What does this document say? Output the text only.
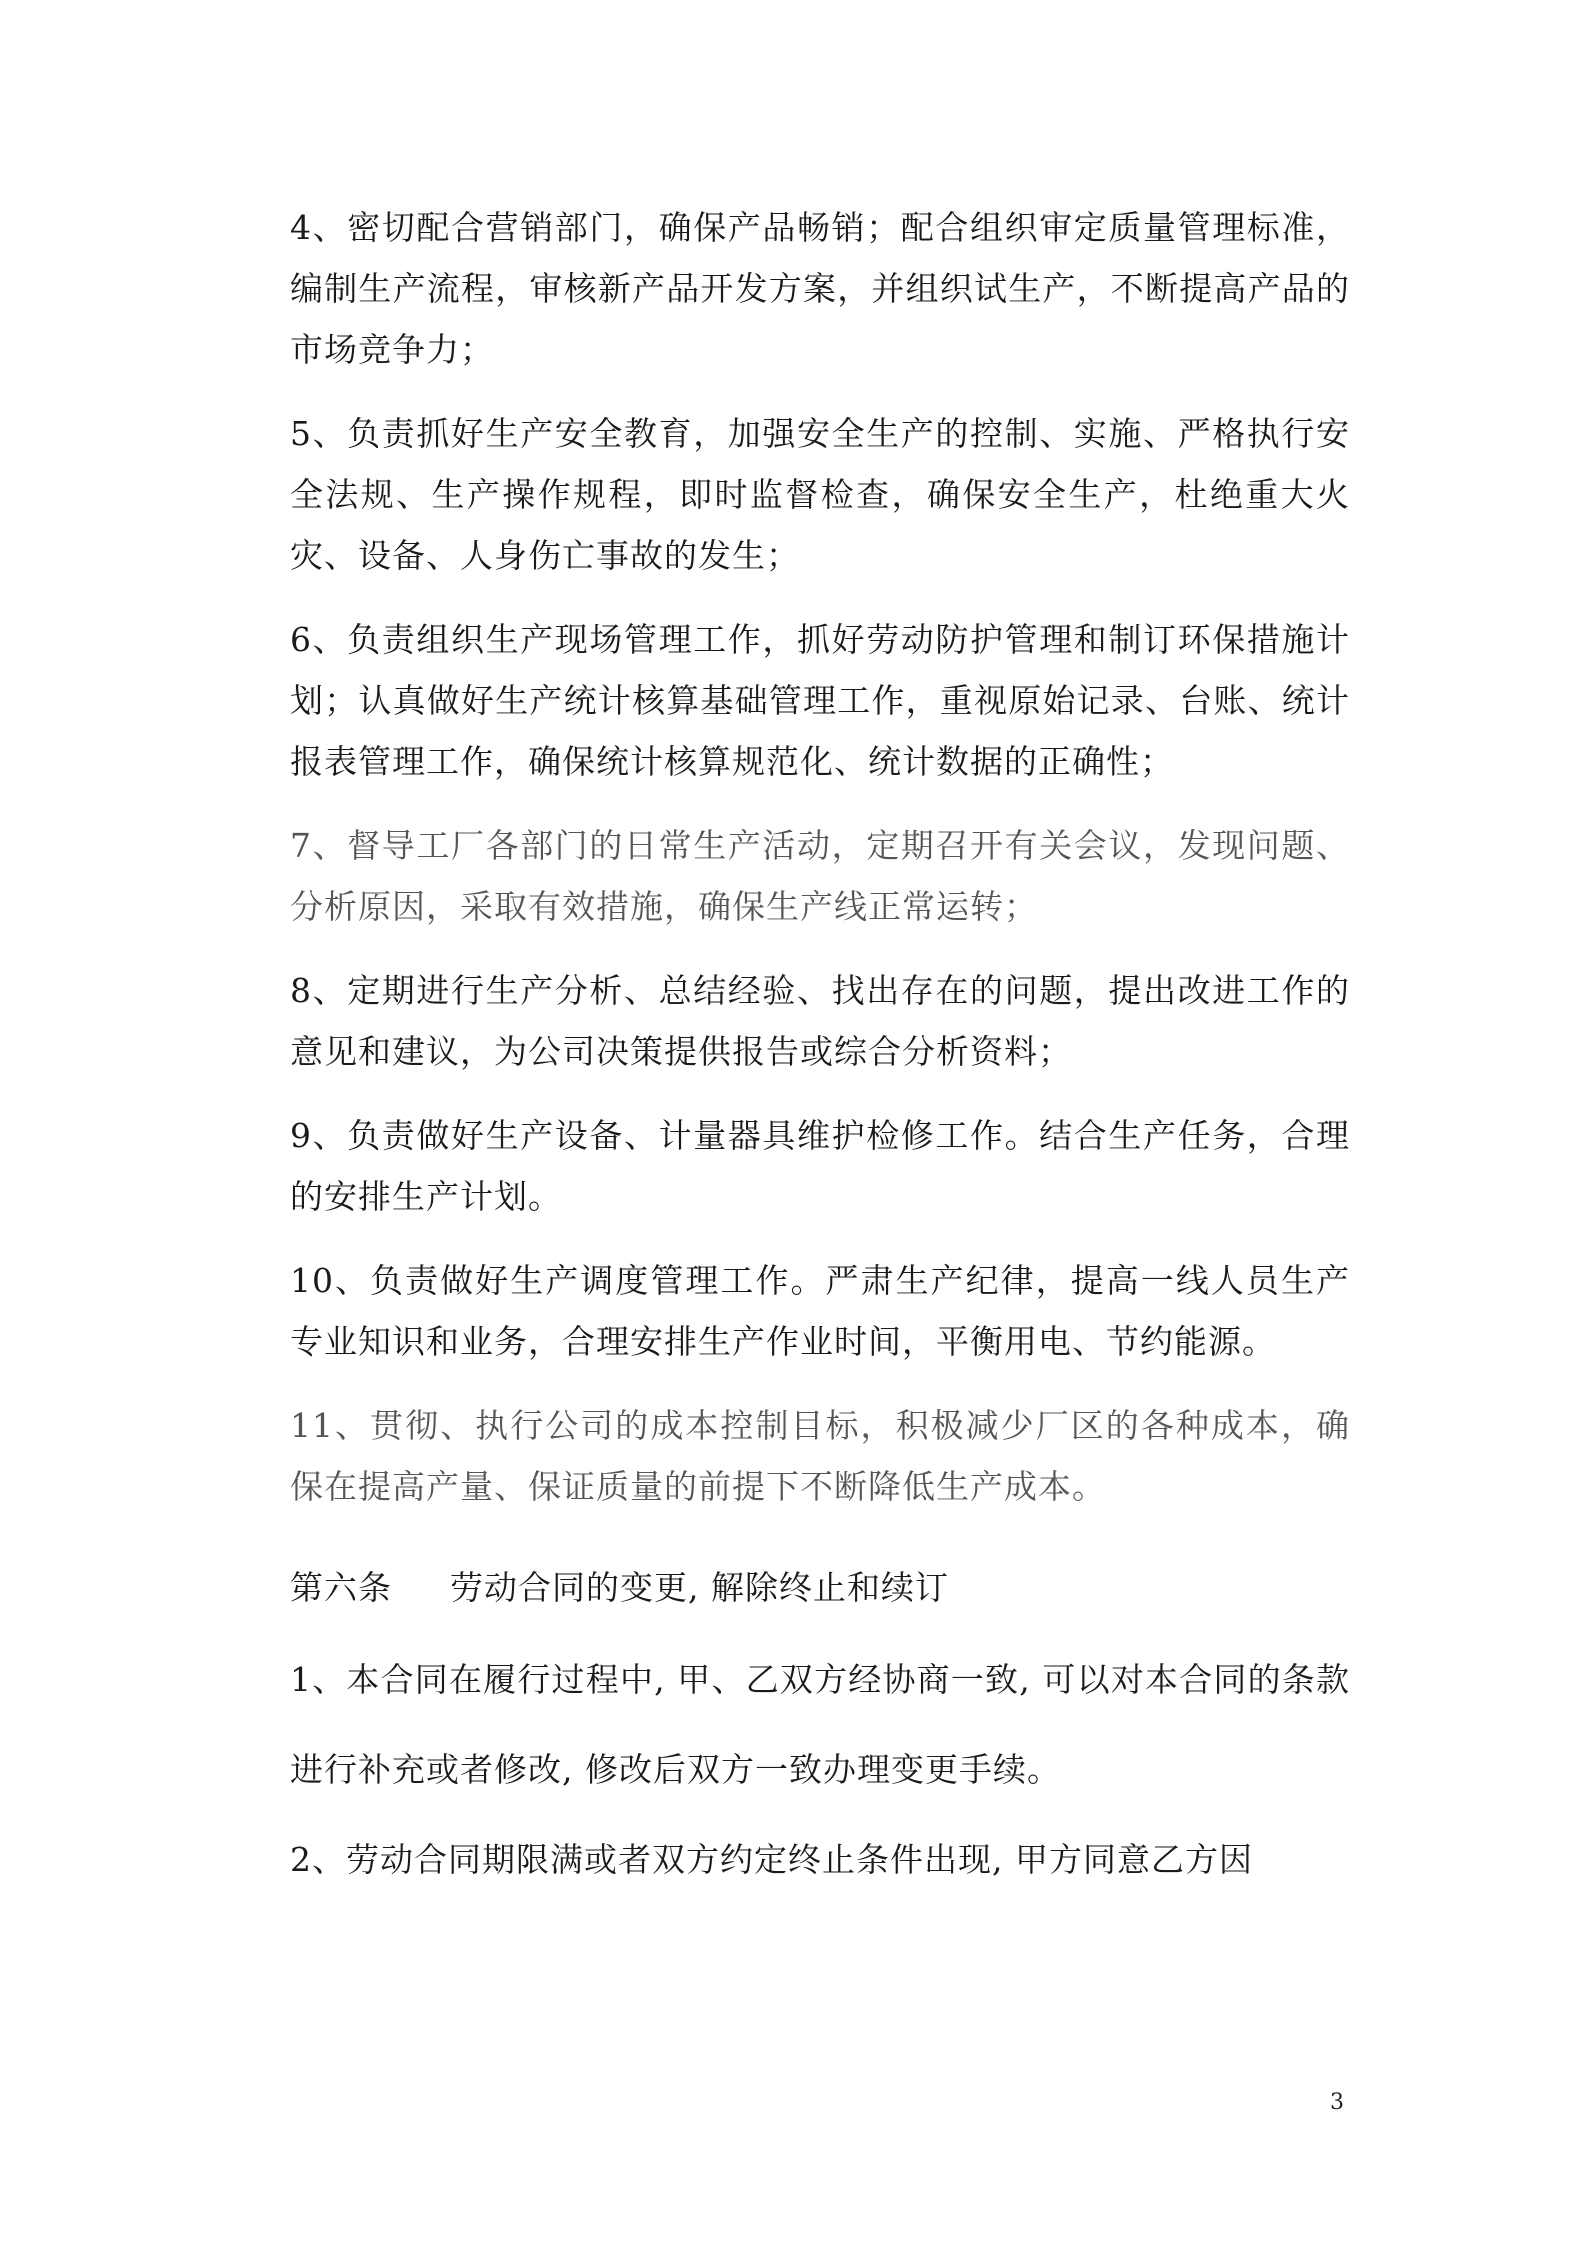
4、密切配合营销部门，确保产品畅销；配合组织审定质量管理标准，编制生产流程，审核新产品开发方案，并组织试生产，不断提高产品的市场竞争力；

5、负责抓好生产安全教育，加强安全生产的控制、实施、严格执行安全法规、生产操作规程，即时监督检查，确保安全生产，杜绝重大火灾、设备、人身伤亡事故的发生；

6、负责组织生产现场管理工作，抓好劳动防护管理和制订环保措施计划；认真做好生产统计核算基础管理工作，重视原始记录、台账、统计报表管理工作，确保统计核算规范化、统计数据的正确性；

7、督导工厂各部门的日常生产活动，定期召开有关会议，发现问题、分析原因，采取有效措施，确保生产线正常运转；

8、定期进行生产分析、总结经验、找出存在的问题，提出改进工作的意见和建议，为公司决策提供报告或综合分析资料；

9、负责做好生产设备、计量器具维护检修工作。结合生产任务，合理的安排生产计划。

10、负责做好生产调度管理工作。严肃生产纪律，提高一线人员生产专业知识和业务，合理安排生产作业时间，平衡用电、节约能源。

11、贯彻、执行公司的成本控制目标，积极减少厂区的各种成本，确保在提高产量、保证质量的前提下不断降低生产成本。

第六条 劳动合同的变更, 解除终止和续订

1、本合同在履行过程中, 甲、乙双方经协商一致, 可以对本合同的条款进行补充或者修改, 修改后双方一致办理变更手续。

2、劳动合同期限满或者双方约定终止条件出现, 甲方同意乙方因

3
